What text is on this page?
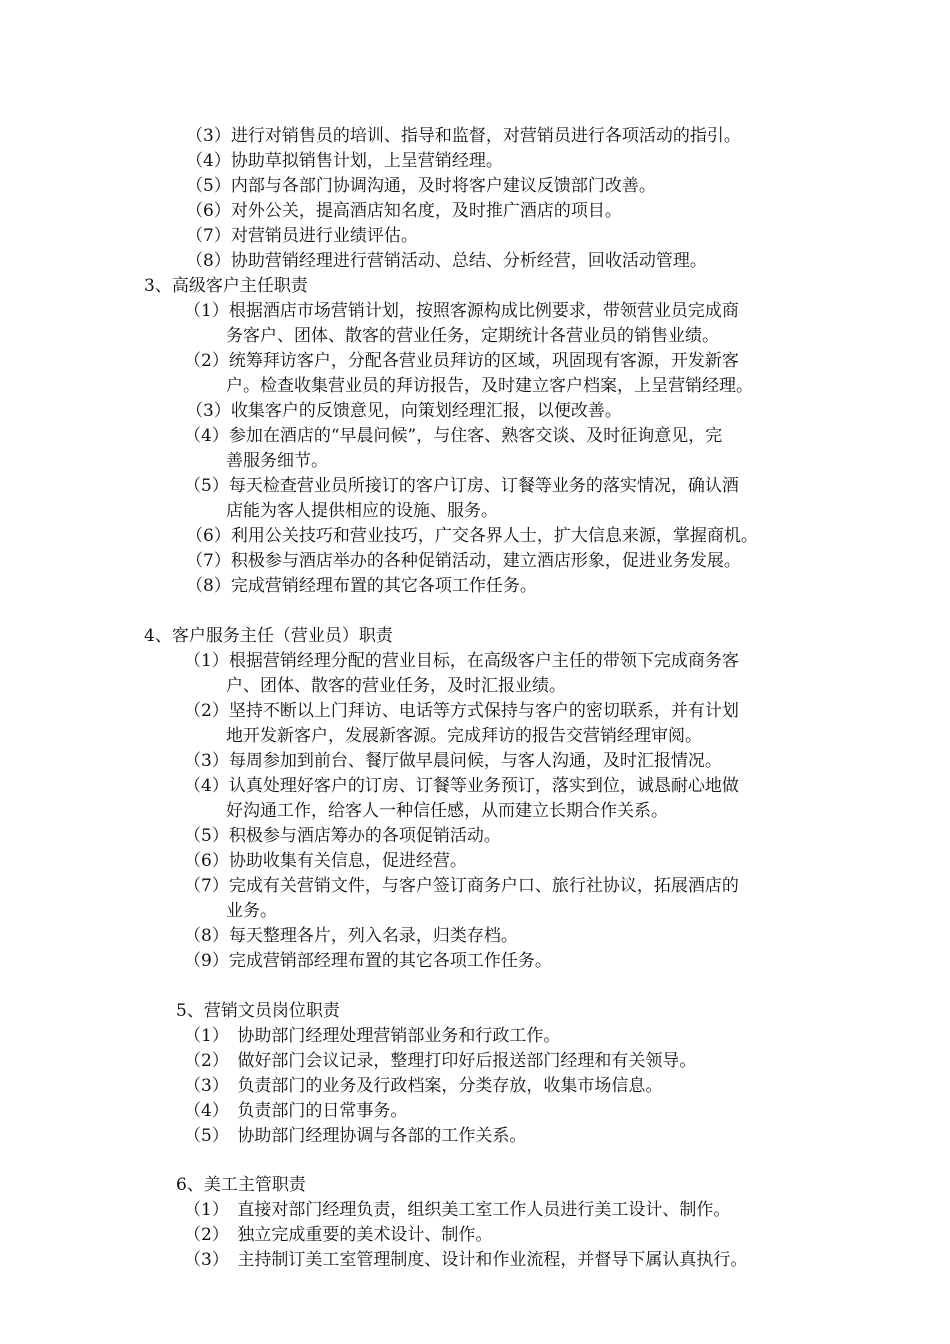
（3）进行对销售员的培训、指导和监督，对营销员进行各项活动的指引。
（4）协助草拟销售计划，上呈营销经理。
（5）内部与各部门协调沟通，及时将客户建议反馈部门改善。
（6）对外公关，提高酒店知名度，及时推广酒店的项目。
（7）对营销员进行业绩评估。
（8）协助营销经理进行营销活动、总结、分析经营，回收活动管理。
3、高级客户主任职责
（1）根据酒店市场营销计划，按照客源构成比例要求，带领营业员完成商
务客户、团体、散客的营业任务，定期统计各营业员的销售业绩。
（2）统筹拜访客户，分配各营业员拜访的区域，巩固现有客源，开发新客
户。检查收集营业员的拜访报告，及时建立客户档案，上呈营销经理。
（3）收集客户的反馈意见，向策划经理汇报，以便改善。
（4）参加在酒店的“早晨问候”，与住客、熟客交谈、及时征询意见，完
善服务细节。
（5）每天检查营业员所接订的客户订房、订餐等业务的落实情况，确认酒
店能为客人提供相应的设施、服务。
（6）利用公关技巧和营业技巧，广交各界人士，扩大信息来源，掌握商机。
（7）积极参与酒店举办的各种促销活动，建立酒店形象，促进业务发展。
（8）完成营销经理布置的其它各项工作任务。
4、客户服务主任（营业员）职责
（1）根据营销经理分配的营业目标，在高级客户主任的带领下完成商务客
户、团体、散客的营业任务，及时汇报业绩。
（2）坚持不断以上门拜访、电话等方式保持与客户的密切联系，并有计划
地开发新客户，发展新客源。完成拜访的报告交营销经理审阅。
（3）每周参加到前台、餐厅做早晨问候，与客人沟通，及时汇报情况。
（4）认真处理好客户的订房、订餐等业务预订，落实到位，诚恳耐心地做
好沟通工作，给客人一种信任感，从而建立长期合作关系。
（5）积极参与酒店筹办的各项促销活动。
（6）协助收集有关信息，促进经营。
（7）完成有关营销文件，与客户签订商务户口、旅行社协议，拓展酒店的
业务。
（8）每天整理各片，列入名录，归类存档。
（9）完成营销部经理布置的其它各项工作任务。
5、营销文员岗位职责
（1）　协助部门经理处理营销部业务和行政工作。
（2）　做好部门会议记录，整理打印好后报送部门经理和有关领导。
（3）　负责部门的业务及行政档案，分类存放，收集市场信息。
（4）　负责部门的日常事务。
（5）　协助部门经理协调与各部的工作关系。
6、美工主管职责
（1）　直接对部门经理负责，组织美工室工作人员进行美工设计、制作。
（2）　独立完成重要的美术设计、制作。
（3）　主持制订美工室管理制度、设计和作业流程，并督导下属认真执行。
